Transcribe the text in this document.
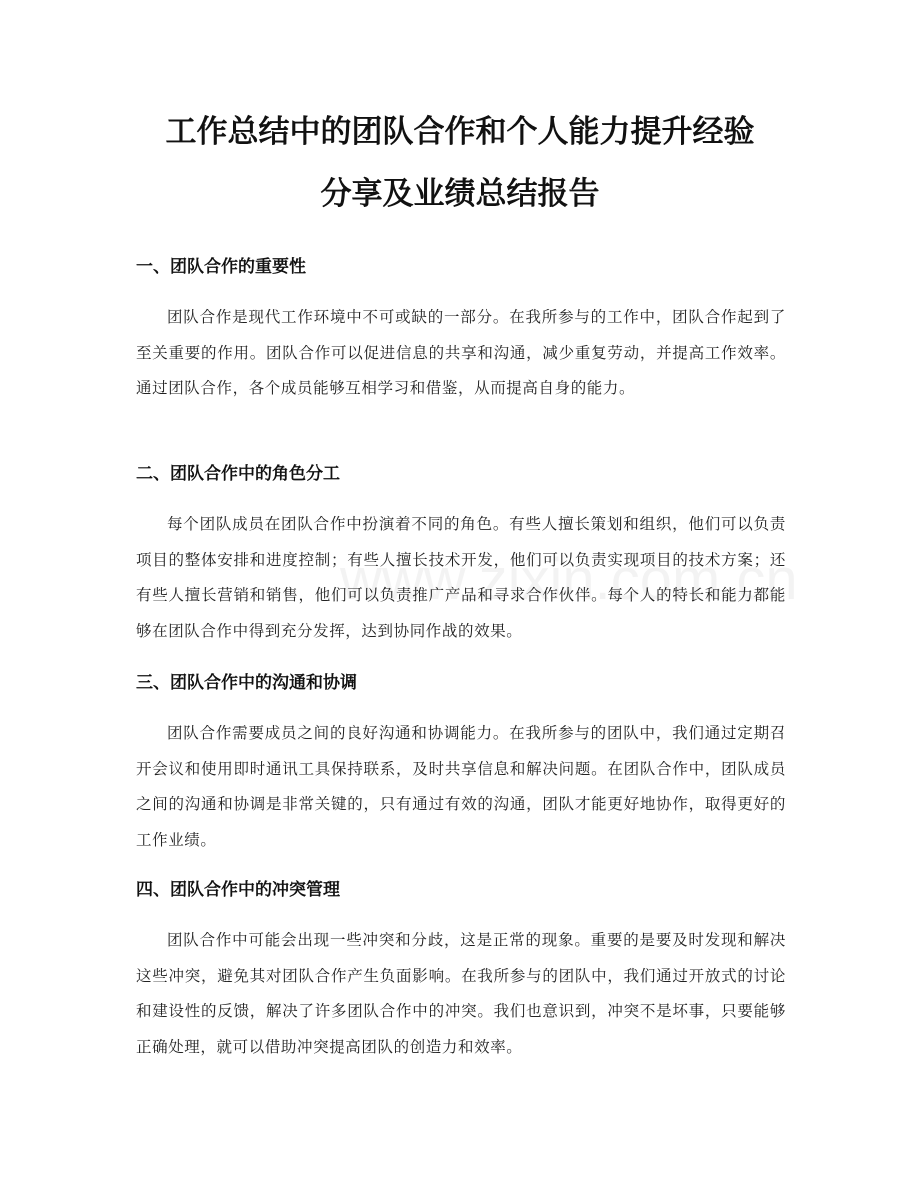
工作总结中的团队合作和个人能力提升经验
分享及业绩总结报告
一、团队合作的重要性

团队合作是现代工作环境中不可或缺的一部分。在我所参与的工作中，团队合作起到了至关重要的作用。团队合作可以促进信息的共享和沟通，减少重复劳动，并提高工作效率。通过团队合作，各个成员能够互相学习和借鉴，从而提高自身的能力。

二、团队合作中的角色分工

每个团队成员在团队合作中扮演着不同的角色。有些人擅长策划和组织，他们可以负责项目的整体安排和进度控制；有些人擅长技术开发，他们可以负责实现项目的技术方案；还有些人擅长营销和销售，他们可以负责推广产品和寻求合作伙伴。每个人的特长和能力都能够在团队合作中得到充分发挥，达到协同作战的效果。

三、团队合作中的沟通和协调

团队合作需要成员之间的良好沟通和协调能力。在我所参与的团队中，我们通过定期召开会议和使用即时通讯工具保持联系，及时共享信息和解决问题。在团队合作中，团队成员之间的沟通和协调是非常关键的，只有通过有效的沟通，团队才能更好地协作，取得更好的工作业绩。

四、团队合作中的冲突管理

团队合作中可能会出现一些冲突和分歧，这是正常的现象。重要的是要及时发现和解决这些冲突，避免其对团队合作产生负面影响。在我所参与的团队中，我们通过开放式的讨论和建设性的反馈，解决了许多团队合作中的冲突。我们也意识到，冲突不是坏事，只要能够正确处理，就可以借助冲突提高团队的创造力和效率。
